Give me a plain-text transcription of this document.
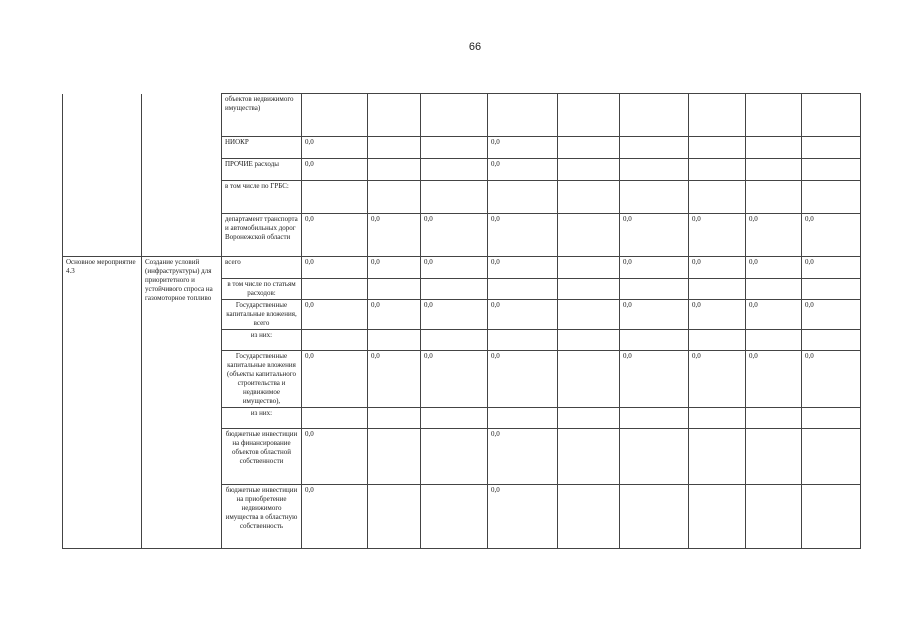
66

		объектов недвижимого имущества)									

		НИОКР	0,0			0,0					

		ПРОЧИЕ расходы	0,0			0,0					

		в том числе по ГРБС:									

		департамент транспорта и автомобильных дорог Воронежской области	0,0	0,0	0,0	0,0		0,0	0,0	0,0	0,0

Основное мероприятие 4.3	Создание условий (инфраструктуры) для приоритетного и устойчивого спроса на газомоторное топливо	всего	0,0	0,0	0,0	0,0		0,0	0,0	0,0	0,0

		в том числе по статьям расходов:									

		Государственные капитальные вложения, всего	0,0	0,0	0,0	0,0		0,0	0,0	0,0	0,0

		из них:									

		Государственные капитальные вложения (объекты капитального строительства и недвижимое имущество),	0,0	0,0	0,0	0,0		0,0	0,0	0,0	0,0

		из них:									

		бюджетные инвестиции на финансирование объектов областной собственности	0,0			0,0					

		бюджетные инвестиции на приобретение недвижимого имущества в областную собственность	0,0			0,0					
